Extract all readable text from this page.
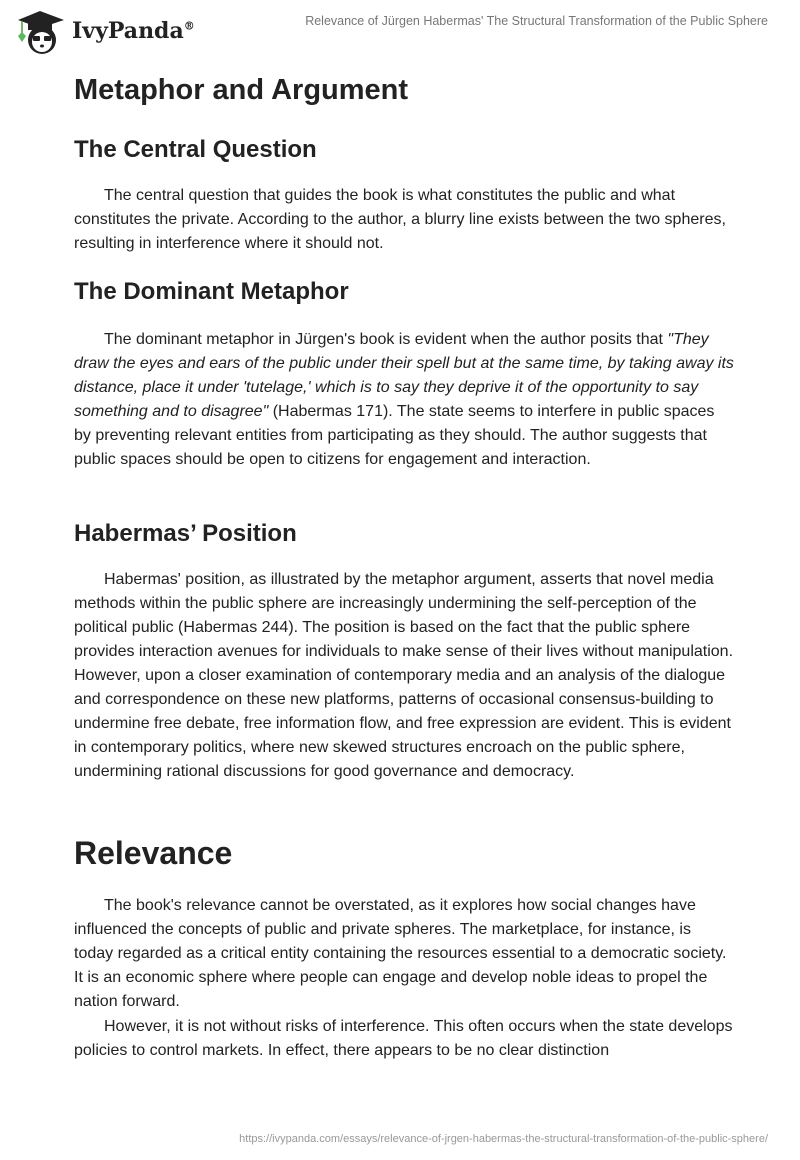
IvyPanda®	Relevance of Jürgen Habermas' The Structural Transformation of the Public Sphere
Metaphor and Argument
The Central Question

The central question that guides the book is what constitutes the public and what constitutes the private. According to the author, a blurry line exists between the two spheres, resulting in interference where it should not.

The Dominant Metaphor

The dominant metaphor in Jürgen's book is evident when the author posits that "They draw the eyes and ears of the public under their spell but at the same time, by taking away its distance, place it under 'tutelage,' which is to say they deprive it of the opportunity to say something and to disagree" (Habermas 171). The state seems to interfere in public spaces by preventing relevant entities from participating as they should. The author suggests that public spaces should be open to citizens for engagement and interaction.

Habermas’ Position

Habermas' position, as illustrated by the metaphor argument, asserts that novel media methods within the public sphere are increasingly undermining the self-perception of the political public (Habermas 244). The position is based on the fact that the public sphere provides interaction avenues for individuals to make sense of their lives without manipulation. However, upon a closer examination of contemporary media and an analysis of the dialogue and correspondence on these new platforms, patterns of occasional consensus-building to undermine free debate, free information flow, and free expression are evident. This is evident in contemporary politics, where new skewed structures encroach on the public sphere, undermining rational discussions for good governance and democracy.

Relevance

The book's relevance cannot be overstated, as it explores how social changes have influenced the concepts of public and private spheres. The marketplace, for instance, is today regarded as a critical entity containing the resources essential to a democratic society. It is an economic sphere where people can engage and develop noble ideas to propel the nation forward.

However, it is not without risks of interference. This often occurs when the state develops policies to control markets. In effect, there appears to be no clear distinction

https://ivypanda.com/essays/relevance-of-jrgen-habermas-the-structural-transformation-of-the-public-sphere/
